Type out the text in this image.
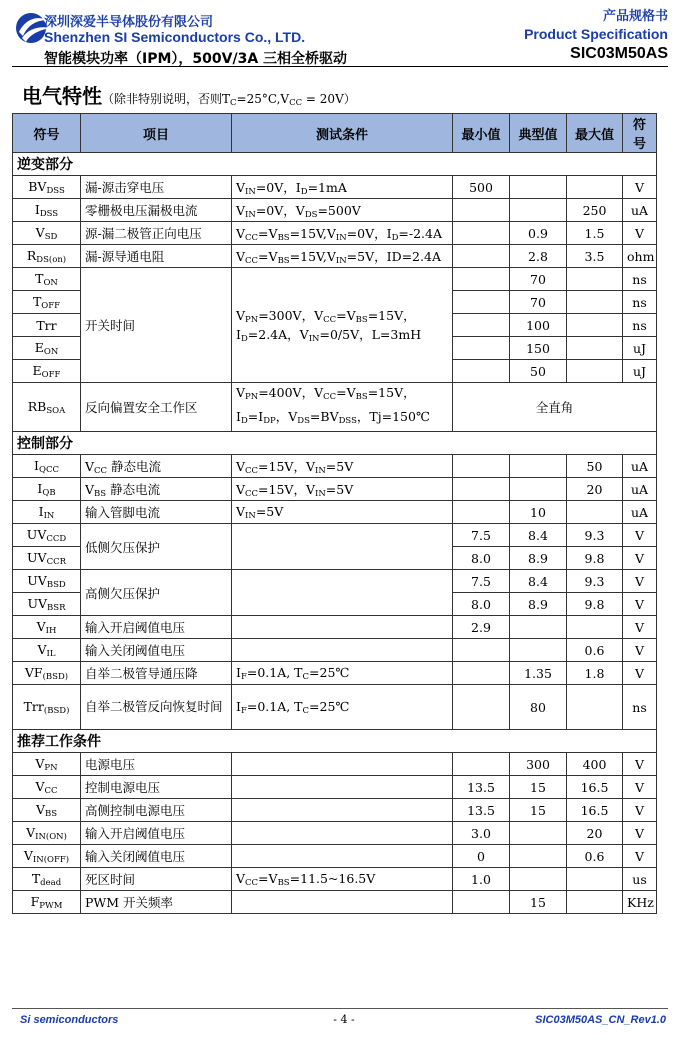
深圳深爱半导体股份有限公司
Shenzhen SI Semiconductors Co., LTD.
智能模块功率（IPM），500V/3A 三相全桥驱动
产品规格书
Product Specification
SIC03M50AS
电气特性（除非特别说明，否则$T_C=25^\circ C,V_{CC} = 20V$）
符号	项目	测试条件	最小值	典型值	最大值	符号
逆变部分						
$BV_{DSS}$	漏-源击穿电压	$V_{IN}=0V$，$I_D=1mA$	500			V
$I_{DSS}$	零栅极电压漏极电流	$V_{IN}=0V$，$V_{DS}=500V$			250	uA
$V_{SD}$	源-漏二极管正向电压	$V_{CC}=V_{BS}=15V,V_{IN}=0V$，$I_D=-2.4A$		0.9	1.5	V
$R_{DS(on)}$	漏-源导通电阻	$V_{CC}=V_{BS}=15V,V_{IN}=5V$，ID=2.4A		2.8	3.5	ohm
$T_{ON}$	开关时间	$V_{PN}=300V$，$V_{CC}=V_{BS}=15V$，
$I_D=2.4A$，$V_{IN}=0/5V$，L=3mH		70		ns
$T_{OFF}$				70		ns
Trr				100		ns
$E_{ON}$				150		uJ
$E_{OFF}$				50		uJ
$RB_{SOA}$	反向偏置安全工作区	$V_{PN}=400V$，$V_{CC}=V_{BS}=15V$，
$I_D=I_{DP}$，$V_{DS}=BV_{DSS}$，Tj=150℃	全直角			
控制部分						
$I_{QCC}$	$V_{CC}$ 静态电流	$V_{CC}=15V$，$V_{IN}=5V$			50	uA
$I_{QB}$	$V_{BS}$ 静态电流	$V_{CC}=15V$，$V_{IN}=5V$			20	uA
$I_{IN}$	输入管脚电流	$V_{IN}=5V$		10		uA
$UV_{CCD}$	低侧欠压保护		7.5	8.4	9.3	V
$UV_{CCR}$			8.0	8.9	9.8	V
$UV_{BSD}$	高侧欠压保护		7.5	8.4	9.3	V
$UV_{BSR}$			8.0	8.9	9.8	V
$V_{IH}$	输入开启阈值电压		2.9			V
$V_{IL}$	输入关闭阈值电压				0.6	V
$VF_{(BSD)}$	自举二极管导通压降	$I_F=0.1A$, $T_C=25℃$		1.35	1.8	V
Trr$_{(BSD)}$	自举二极管反向恢复时间	$I_F=0.1A$, $T_C=25℃$		80		ns
推荐工作条件						
$V_{PN}$	电源电压			300	400	V
$V_{CC}$	控制电源电压		13.5	15	16.5	V
$V_{BS}$	高侧控制电源电压		13.5	15	16.5	V
$V_{IN(ON)}$	输入开启阈值电压		3.0		20	V
$V_{IN(OFF)}$	输入关闭阈值电压		0		0.6	V
$T_{dead}$	死区时间	$V_{CC}=V_{BS}=11.5\sim 16.5V$	1.0			us
$F_{PWM}$	PWM 开关频率			15		KHz
Si semiconductors	- 4 -	SIC03M50AS_CN_Rev1.0
